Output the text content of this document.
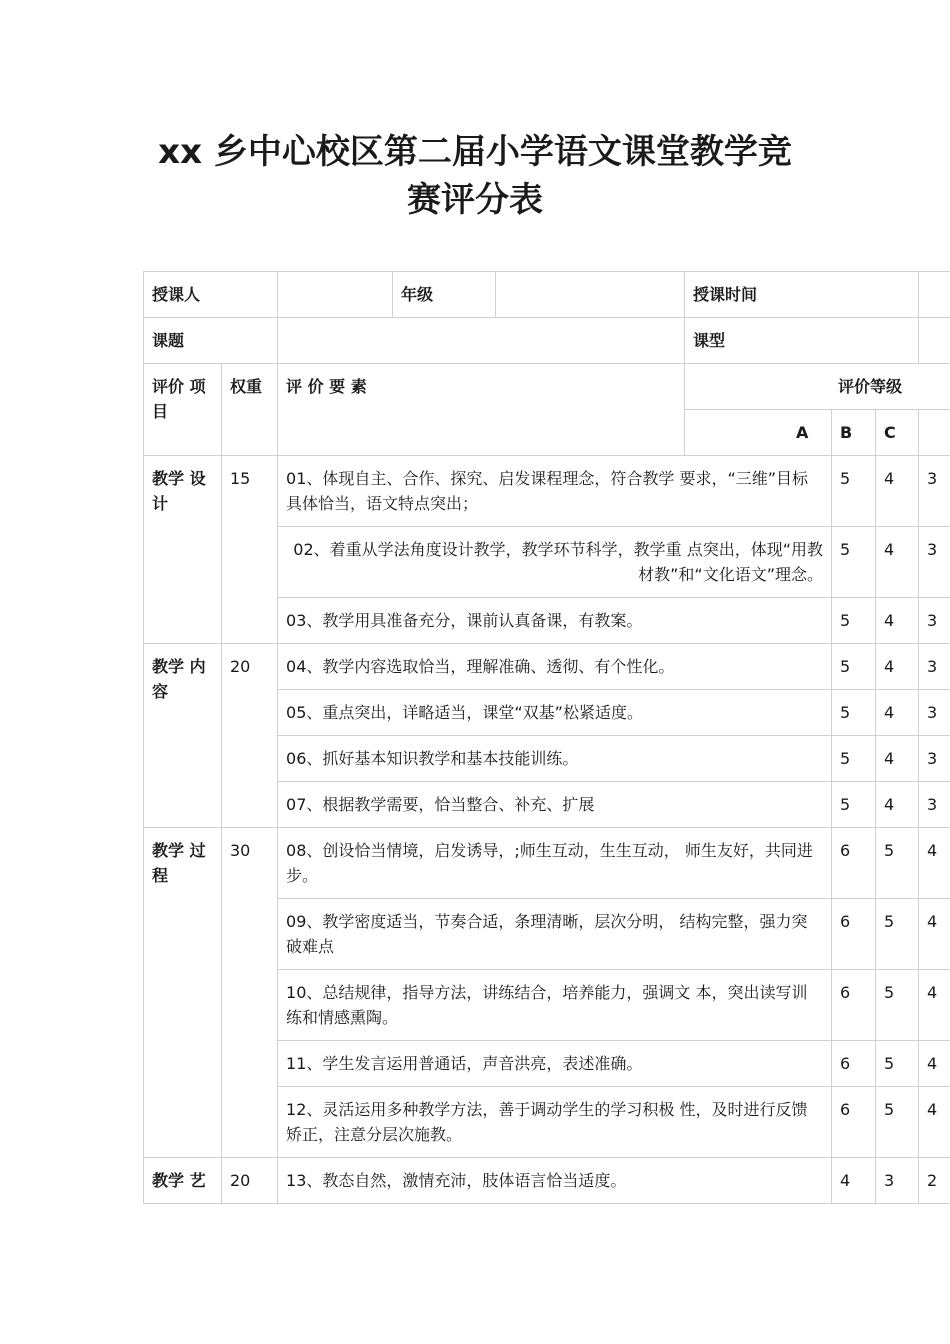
xx 乡中心校区第二届小学语文课堂教学竞
赛评分表
授课人			年级		授课时间			
课题					课型			
评价 项目	权重	评 价 要 素			评价等级			
					A	B	C	
教学 设计	15	01、体现自主、合作、探究、启发课程理念，符合教学 要求，“三维”目标具体恰当，语文特点突出；				5	4	3
		02、着重从学法角度设计教学，教学环节科学，教学重 点突出，体现“用教材教”和“文化语文”理念。				5	4	3
		03、教学用具准备充分，课前认真备课，有教案。				5	4	3
教学 内容	20	04、教学内容选取恰当，理解准确、透彻、有个性化。				5	4	3
		05、重点突出，详略适当，课堂“双基”松紧适度。				5	4	3
		06、抓好基本知识教学和基本技能训练。				5	4	3
		07、根据教学需要，恰当整合、补充、扩展				5	4	3
教学 过程	30	08、创设恰当情境，启发诱导，;师生互动，生生互动， 师生友好，共同进步。				6	5	4
		09、教学密度适当，节奏合适，条理清晰，层次分明， 结构完整，强力突破难点				6	5	4
		10、总结规律，指导方法，讲练结合，培养能力，强调文 本，突出读写训练和情感熏陶。				6	5	4
		11、学生发言运用普通话，声音洪亮，表述准确。				6	5	4
		12、灵活运用多种教学方法，善于调动学生的学习积极 性，及时进行反馈矫正，注意分层次施教。				6	5	4
教学 艺	20	13、教态自然，激情充沛，肢体语言恰当适度。				4	3	2
